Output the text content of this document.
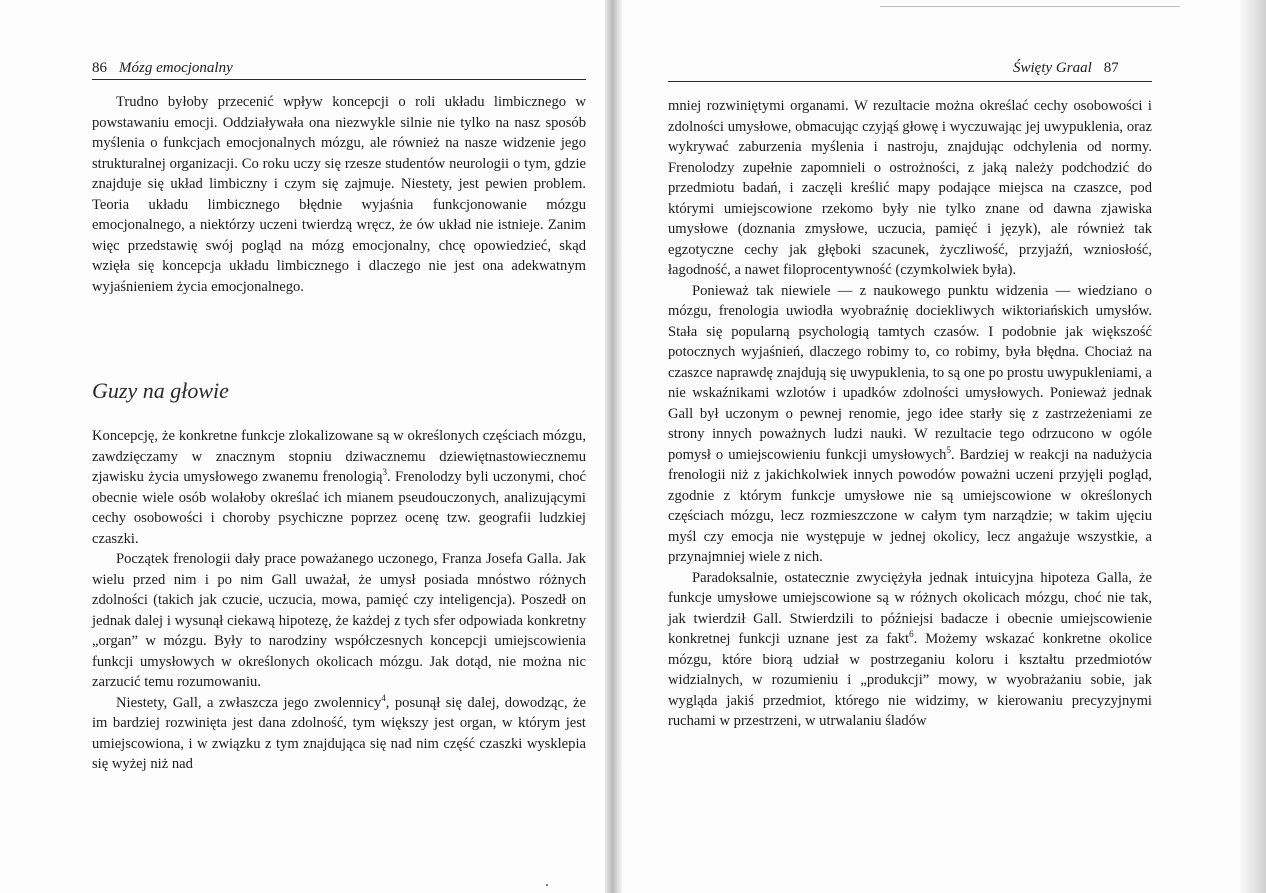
86 Mózg emocjonalny

Trudno byłoby przecenić wpływ koncepcji o roli układu limbicznego w powstawaniu emocji. Oddziaływała ona niezwykle silnie nie tylko na nasz sposób myślenia o funkcjach emocjonalnych mózgu, ale również na nasze widzenie jego strukturalnej organizacji. Co roku uczy się rzesze studentów neurologii o tym, gdzie znajduje się układ limbiczny i czym się zajmuje. Niestety, jest pewien problem. Teoria układu limbicznego błędnie wyjaśnia funkcjonowanie mózgu emocjonalnego, a niektórzy uczeni twierdzą wręcz, że ów układ nie istnieje. Zanim więc przedstawię swój pogląd na mózg emocjonalny, chcę opowiedzieć, skąd wzięła się koncepcja układu limbicznego i dlaczego nie jest ona adekwatnym wyjaśnieniem życia emocjonalnego.

Guzy na głowie

Koncepcję, że konkretne funkcje zlokalizowane są w określonych częściach mózgu, zawdzięczamy w znacznym stopniu dziwacznemu dziewiętnastowiecznemu zjawisku życia umysłowego zwanemu frenologią$^3$. Frenolodzy byli uczonymi, choć obecnie wiele osób wolałoby określać ich mianem pseudouczonych, analizującymi cechy osobowości i choroby psychiczne poprzez ocenę tzw. geografii ludzkiej czaszki.

Początek frenologii dały prace poważanego uczonego, Franza Josefa Galla. Jak wielu przed nim i po nim Gall uważał, że umysł posiada mnóstwo różnych zdolności (takich jak czucie, uczucia, mowa, pamięć czy inteligencja). Poszedł on jednak dalej i wysunął ciekawą hipotezę, że każdej z tych sfer odpowiada konkretny „organ” w mózgu. Były to narodziny współczesnych koncepcji umiejscowienia funkcji umysłowych w określonych okolicach mózgu. Jak dotąd, nie można nic zarzucić temu rozumowaniu.

Niestety, Gall, a zwłaszcza jego zwolennicy$^4$, posunął się dalej, dowodząc, że im bardziej rozwinięta jest dana zdolność, tym większy jest organ, w którym jest umiejscowiona, i w związku z tym znajdująca się nad nim część czaszki wysklepia się wyżej niż nad

Święty Graal 87

mniej rozwiniętymi organami. W rezultacie można określać cechy osobowości i zdolności umysłowe, obmacując czyjąś głowę i wyczuwając jej uwypuklenia, oraz wykrywać zaburzenia myślenia i nastroju, znajdując odchylenia od normy. Frenolodzy zupełnie zapomnieli o ostrożności, z jaką należy podchodzić do przedmiotu badań, i zaczęli kreślić mapy podające miejsca na czaszce, pod którymi umiejscowione rzekomo były nie tylko znane od dawna zjawiska umysłowe (doznania zmysłowe, uczucia, pamięć i język), ale również tak egzotyczne cechy jak głęboki szacunek, życzliwość, przyjaźń, wzniosłość, łagodność, a nawet filoprocentywność (czymkolwiek była).

Ponieważ tak niewiele — z naukowego punktu widzenia — wiedziano o mózgu, frenologia uwiodła wyobraźnię dociekliwych wiktoriańskich umysłów. Stała się popularną psychologią tamtych czasów. I podobnie jak większość potocznych wyjaśnień, dlaczego robimy to, co robimy, była błędna. Chociaż na czaszce naprawdę znajdują się uwypuklenia, to są one po prostu uwypukleniami, a nie wskaźnikami wzlotów i upadków zdolności umysłowych. Ponieważ jednak Gall był uczonym o pewnej renomie, jego idee starły się z zastrzeżeniami ze strony innych poważnych ludzi nauki. W rezultacie tego odrzucono w ogóle pomysł o umiejscowieniu funkcji umysłowych$^5$. Bardziej w reakcji na nadużycia frenologii niż z jakichkolwiek innych powodów poważni uczeni przyjęli pogląd, zgodnie z którym funkcje umysłowe nie są umiejscowione w określonych częściach mózgu, lecz rozmieszczone w całym tym narządzie; w takim ujęciu myśl czy emocja nie występuje w jednej okolicy, lecz angażuje wszystkie, a przynajmniej wiele z nich.

Paradoksalnie, ostatecznie zwyciężyła jednak intuicyjna hipoteza Galla, że funkcje umysłowe umiejscowione są w różnych okolicach mózgu, choć nie tak, jak twierdził Gall. Stwierdzili to późniejsi badacze i obecnie umiejscowienie konkretnej funkcji uznane jest za fakt$^6$. Możemy wskazać konkretne okolice mózgu, które biorą udział w postrzeganiu koloru i kształtu przedmiotów widzialnych, w rozumieniu i „produkcji” mowy, w wyobrażaniu sobie, jak wygląda jakiś przedmiot, którego nie widzimy, w kierowaniu precyzyjnymi ruchami w przestrzeni, w utrwalaniu śladów
